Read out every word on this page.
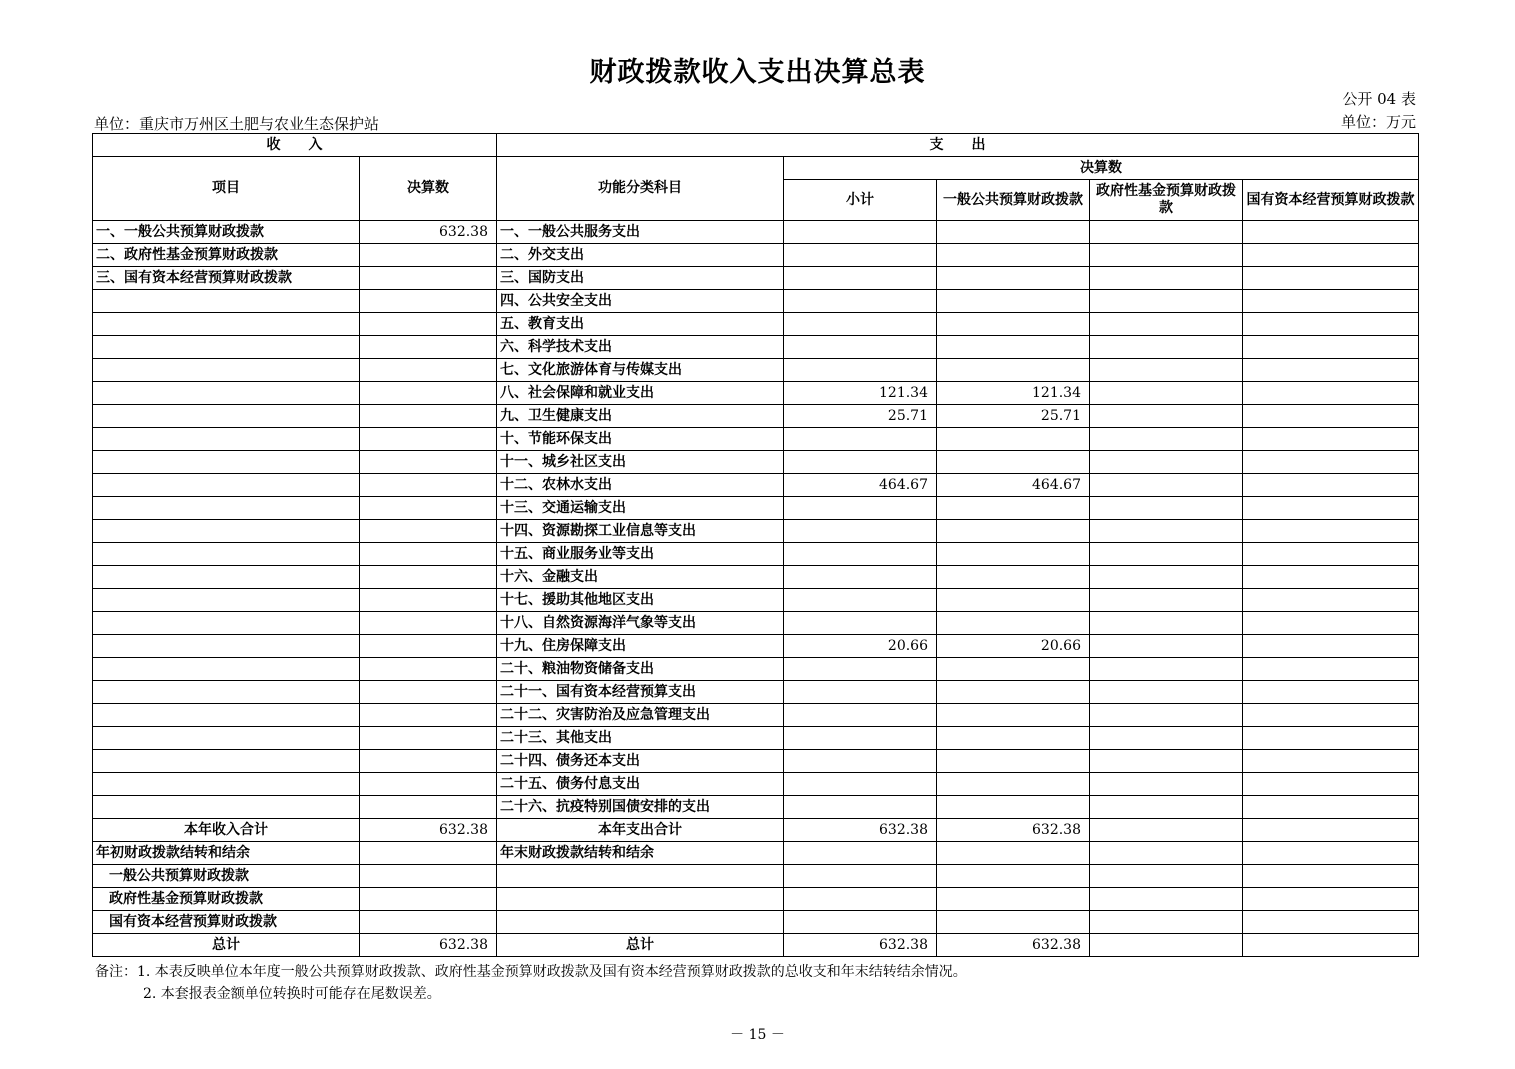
财政拨款收入支出决算总表
公开 04 表
单位：重庆市万州区土肥与农业生态保护站	单位：万元
收　　入		支　　出				
项目	决算数	功能分类科目	决算数			
			小计	一般公共预算财政拨款	政府性基金预算财政拨款	国有资本经营预算财政拨款
一、一般公共预算财政拨款	632.38	一、一般公共服务支出				
二、政府性基金预算财政拨款		二、外交支出				
三、国有资本经营预算财政拨款		三、国防支出				
		四、公共安全支出				
		五、教育支出				
		六、科学技术支出				
		七、文化旅游体育与传媒支出				
		八、社会保障和就业支出	121.34	121.34		
		九、卫生健康支出	25.71	25.71		
		十、节能环保支出				
		十一、城乡社区支出				
		十二、农林水支出	464.67	464.67		
		十三、交通运输支出				
		十四、资源勘探工业信息等支出				
		十五、商业服务业等支出				
		十六、金融支出				
		十七、援助其他地区支出				
		十八、自然资源海洋气象等支出				
		十九、住房保障支出	20.66	20.66		
		二十、粮油物资储备支出				
		二十一、国有资本经营预算支出				
		二十二、灾害防治及应急管理支出				
		二十三、其他支出				
		二十四、债务还本支出				
		二十五、债务付息支出				
		二十六、抗疫特别国债安排的支出				
本年收入合计	632.38	本年支出合计	632.38	632.38		
年初财政拨款结转和结余		年末财政拨款结转和结余				
一般公共预算财政拨款						
政府性基金预算财政拨款						
国有资本经营预算财政拨款						
总计	632.38	总计	632.38	632.38		
备注：1. 本表反映单位本年度一般公共预算财政拨款、政府性基金预算财政拨款及国有资本经营预算财政拨款的总收支和年末结转结余情况。
2. 本套报表金额单位转换时可能存在尾数误差。
－ 15 －
